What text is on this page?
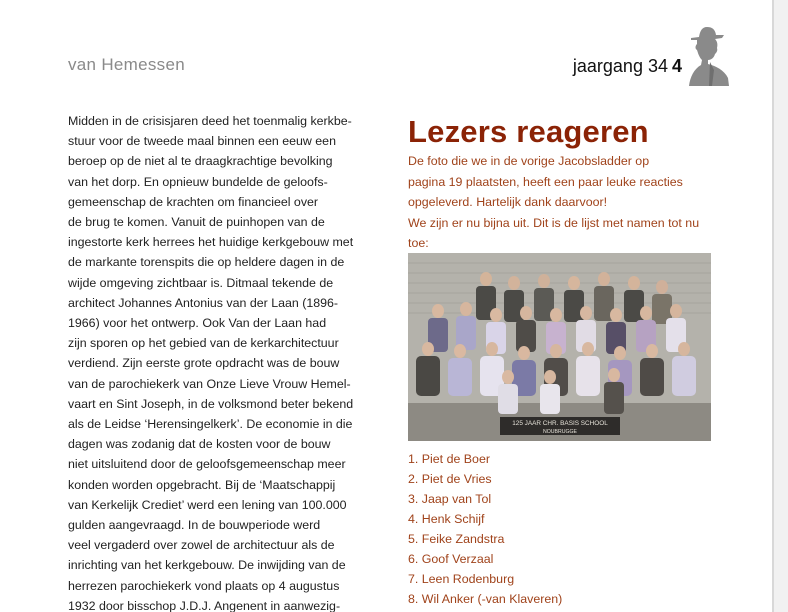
van Hemessen	jaargang 34 4
Midden in de crisisjaren deed het toenmalig kerkbe-
stuur voor de tweede maal binnen een eeuw een
beroep op de niet al te draagkrachtige bevolking
van het dorp. En opnieuw bundelde de geloofs-
gemeenschap de krachten om financieel over
de brug te komen. Vanuit de puinhopen van de
ingestorte kerk herrees het huidige kerkgebouw met
de markante torenspits die op heldere dagen in de
wijde omgeving zichtbaar is. Ditmaal tekende de
architect Johannes Antonius van der Laan (1896-
1966) voor het ontwerp. Ook Van der Laan had
zijn sporen op het gebied van de kerkarchitectuur
verdiend. Zijn eerste grote opdracht was de bouw
van de parochiekerk van Onze Lieve Vrouw Hemel-
vaart en Sint Joseph, in de volksmond beter bekend
als de Leidse ‘Herensingelkerk’. De economie in die
dagen was zodanig dat de kosten voor de bouw
niet uitsluitend door de geloofsgemeenschap meer
konden worden opgebracht. Bij de ‘Maatschappij
van Kerkelijk Crediet’ werd een lening van 100.000
gulden aangevraagd. In de bouwperiode werd
veel vergaderd over zowel de architectuur als de
inrichting van het kerkgebouw. De inwijding van de
herrezen parochiekerk vond plaats op 4 augustus
1932 door bisschop J.D.J. Angenent in aanwezig-
Lezers reageren
De foto die we in de vorige Jacobsladder op
pagina 19 plaatsten, heeft een paar leuke reacties
opgeleverd. Hartelijk dank daarvoor!
We zijn er nu bijna uit. Dit is de lijst met namen tot nu
toe:
125 JAAR CHR. BASIS SCHOOL
NOUBRUGGE
1. Piet de Boer
2. Piet de Vries
3. Jaap van Tol
4. Henk Schijf
5. Feike Zandstra
6. Goof Verzaal
7. Leen Rodenburg
8. Wil Anker (-van Klaveren)
